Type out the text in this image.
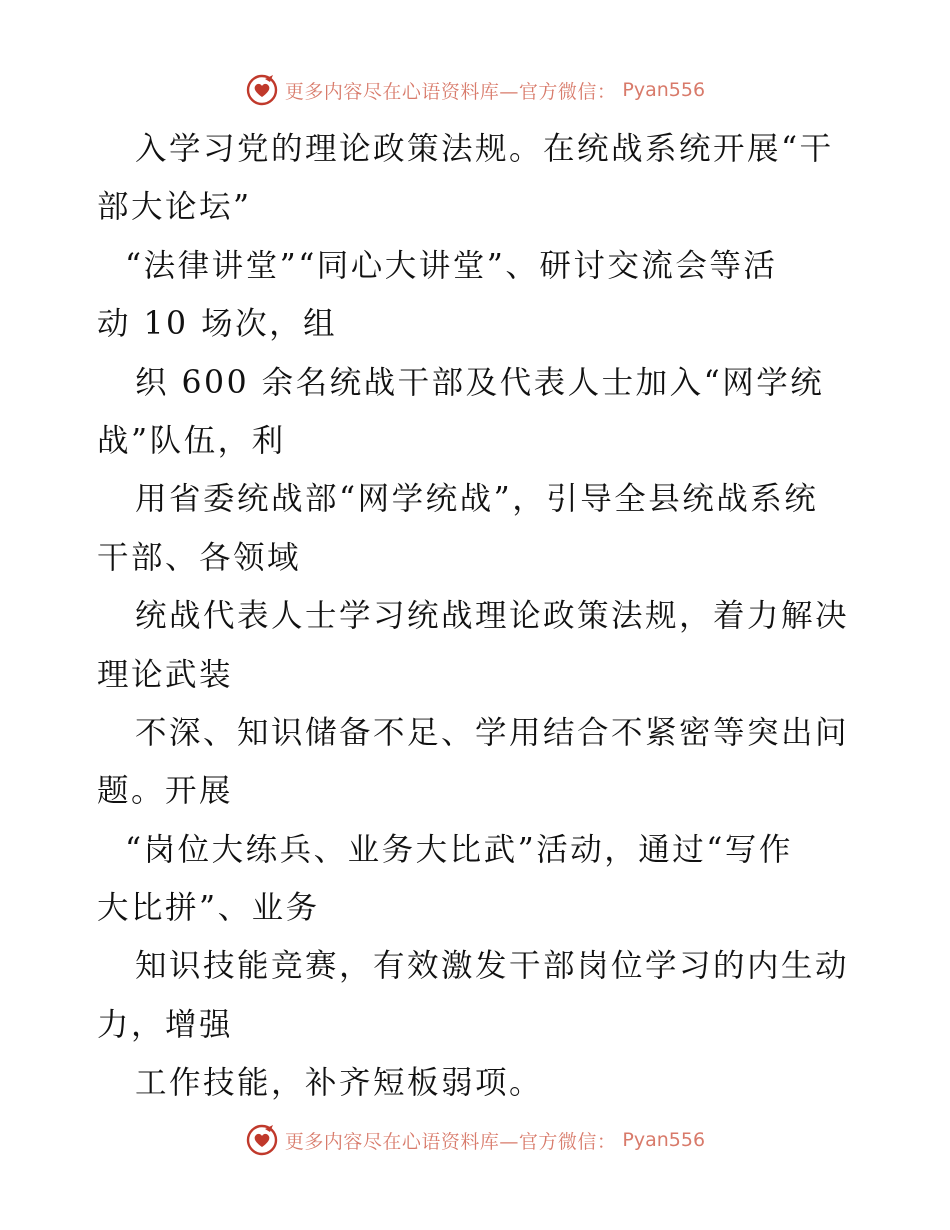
更多内容尽在心语资料库—官方微信： Pyan556
入学习党的理论政策法规。在统战系统开展“干
部大论坛”
“法律讲堂”“同心大讲堂”、研讨交流会等活
动 10 场次，组
织 600 余名统战干部及代表人士加入“网学统
战”队伍，利
用省委统战部“网学统战”，引导全县统战系统
干部、各领域
统战代表人士学习统战理论政策法规，着力解决
理论武装
不深、知识储备不足、学用结合不紧密等突出问
题。开展
“岗位大练兵、业务大比武”活动，通过“写作
大比拼”、业务
知识技能竞赛，有效激发干部岗位学习的内生动
力，增强
工作技能，补齐短板弱项。
更多内容尽在心语资料库—官方微信： Pyan556
